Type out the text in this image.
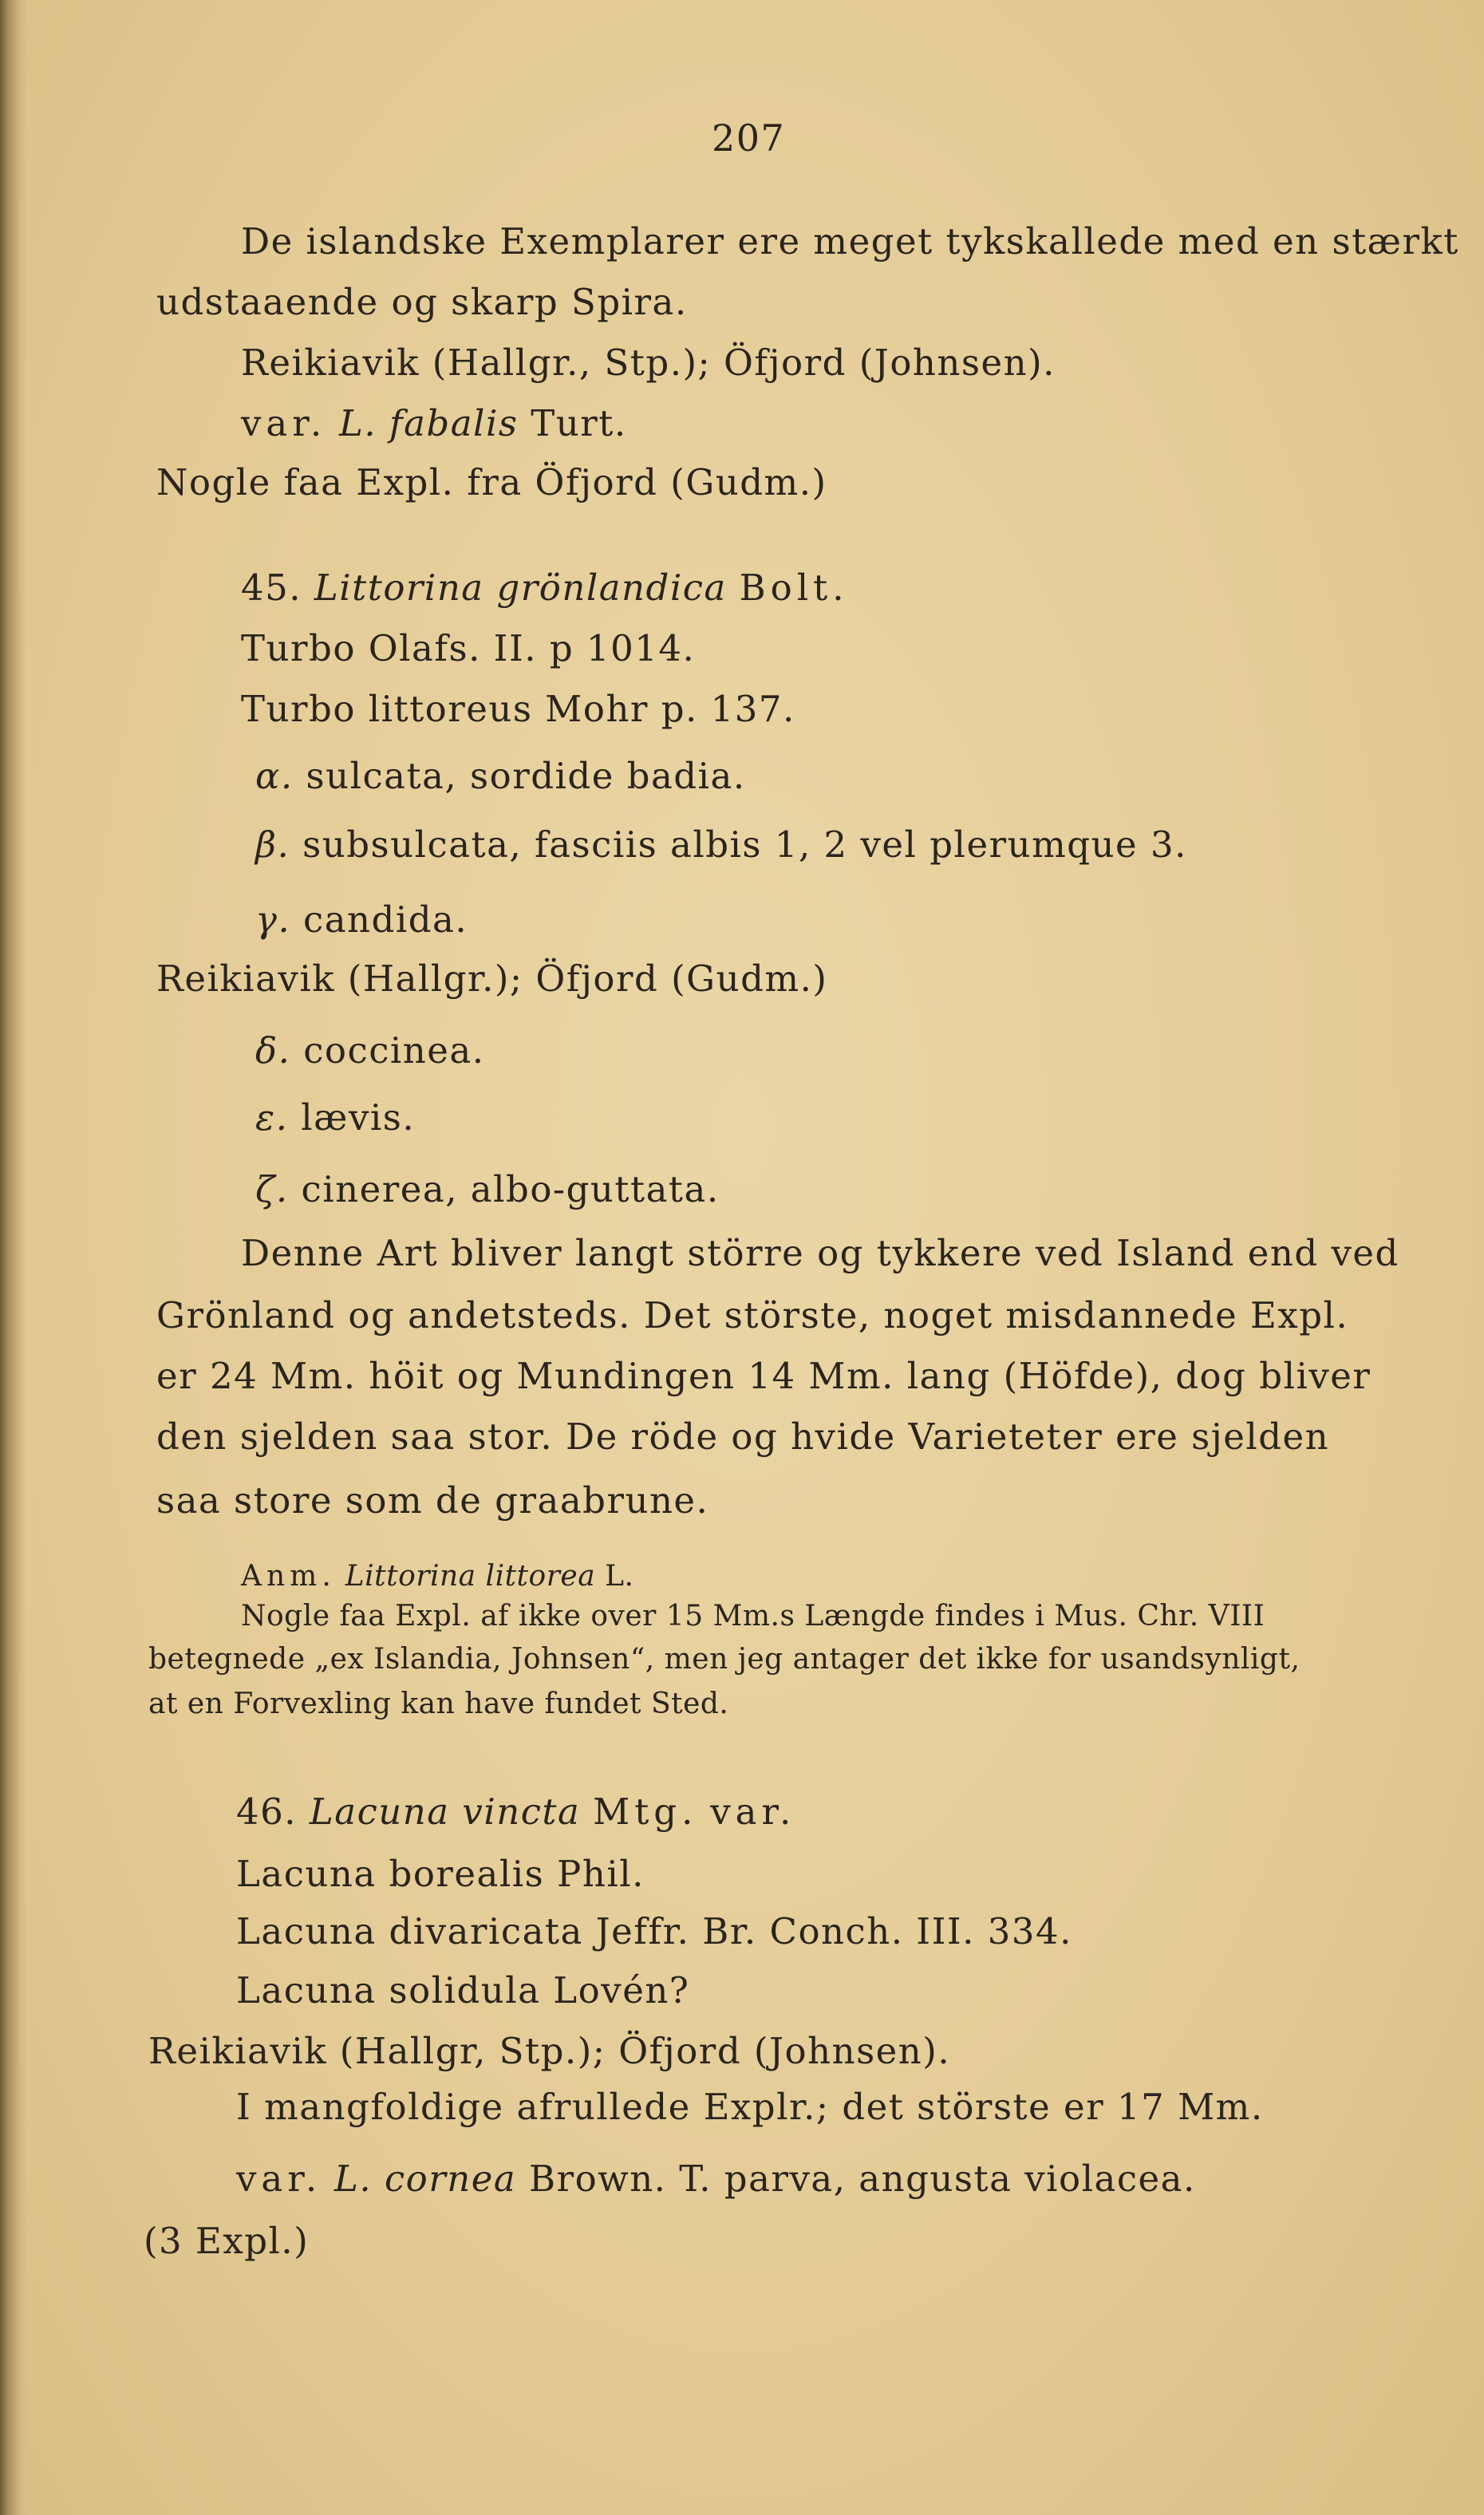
207
De islandske Exemplarer ere meget tykskallede med en stærkt
udstaaende og skarp Spira.
Reikiavik (Hallgr., Stp.); Öfjord (Johnsen).
var. L. fabalis Turt.
Nogle faa Expl. fra Öfjord (Gudm.)
45. Littorina grönlandica Bolt.
Turbo Olafs. II. p 1014.
Turbo littoreus Mohr p. 137.
α. sulcata, sordide badia.
β. subsulcata, fasciis albis 1, 2 vel plerumque 3.
γ. candida.
Reikiavik (Hallgr.); Öfjord (Gudm.)
δ. coccinea.
ε. lævis.
ζ. cinerea, albo-guttata.
Denne Art bliver langt större og tykkere ved Island end ved
Grönland og andetsteds. Det störste, noget misdannede Expl.
er 24 Mm. höit og Mundingen 14 Mm. lang (Höfde), dog bliver
den sjelden saa stor. De röde og hvide Varieteter ere sjelden
saa store som de graabrune.
Anm. Littorina littorea L.
Nogle faa Expl. af ikke over 15 Mm.s Længde findes i Mus. Chr. VIII
betegnede „ex Islandia, Johnsen“, men jeg antager det ikke for usandsynligt,
at en Forvexling kan have fundet Sted.
46. Lacuna vincta Mtg. var.
Lacuna borealis Phil.
Lacuna divaricata Jeffr. Br. Conch. III. 334.
Lacuna solidula Lovén?
Reikiavik (Hallgr, Stp.); Öfjord (Johnsen).
I mangfoldige afrullede Explr.; det störste er 17 Mm.
var. L. cornea Brown. T. parva, angusta violacea.
(3 Expl.)
